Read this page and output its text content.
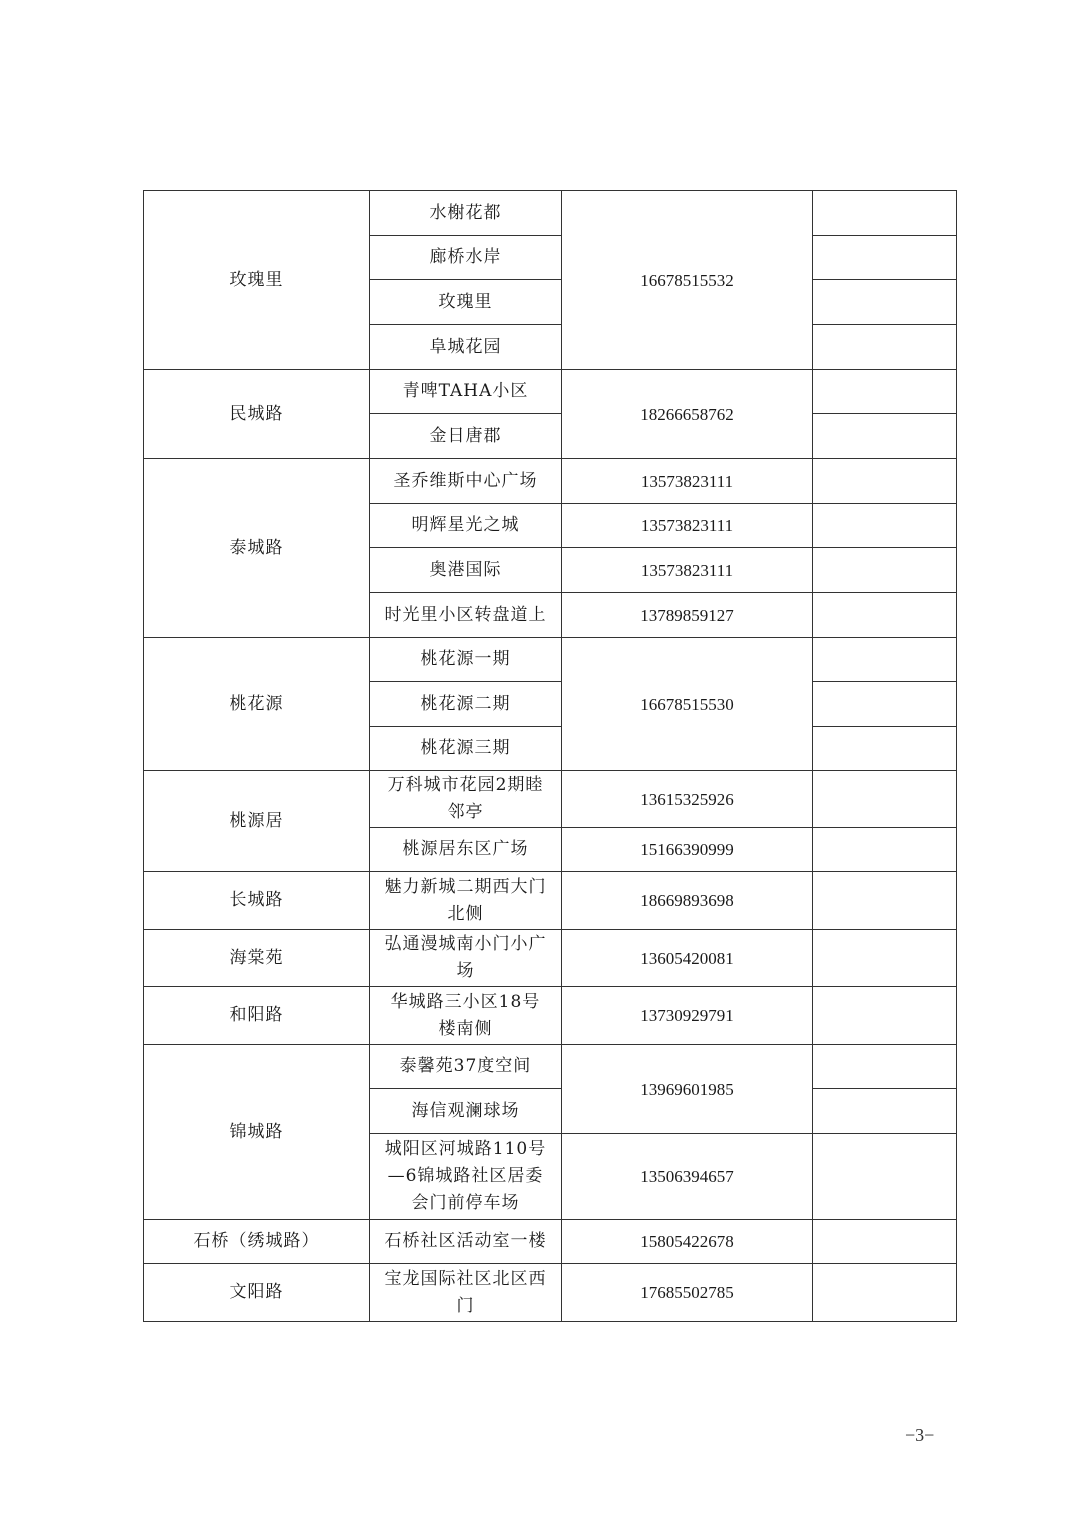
玫瑰里	水榭花都	16678515532	
	廊桥水岸		
	玫瑰里		
	阜城花园		
民城路	青啤TAHA小区	18266658762	
	金日唐郡		
泰城路	圣乔维斯中心广场	13573823111	
	明辉星光之城	13573823111	
	奥港国际	13573823111	
	时光里小区转盘道上	13789859127	
桃花源	桃花源一期	16678515530	
	桃花源二期		
	桃花源三期		
桃源居	万科城市花园2期睦邻亭	13615325926	
	桃源居东区广场	15166390999	
长城路	魅力新城二期西大门北侧	18669893698	
海棠苑	弘通漫城南小门小广场	13605420081	
和阳路	华城路三小区18号楼南侧	13730929791	
锦城路	泰馨苑37度空间	13969601985	
	海信观澜球场		
	城阳区河城路110号—6锦城路社区居委会门前停车场	13506394657	
石桥（绣城路）	石桥社区活动室一楼	15805422678	
文阳路	宝龙国际社区北区西门	17685502785	
−3−
